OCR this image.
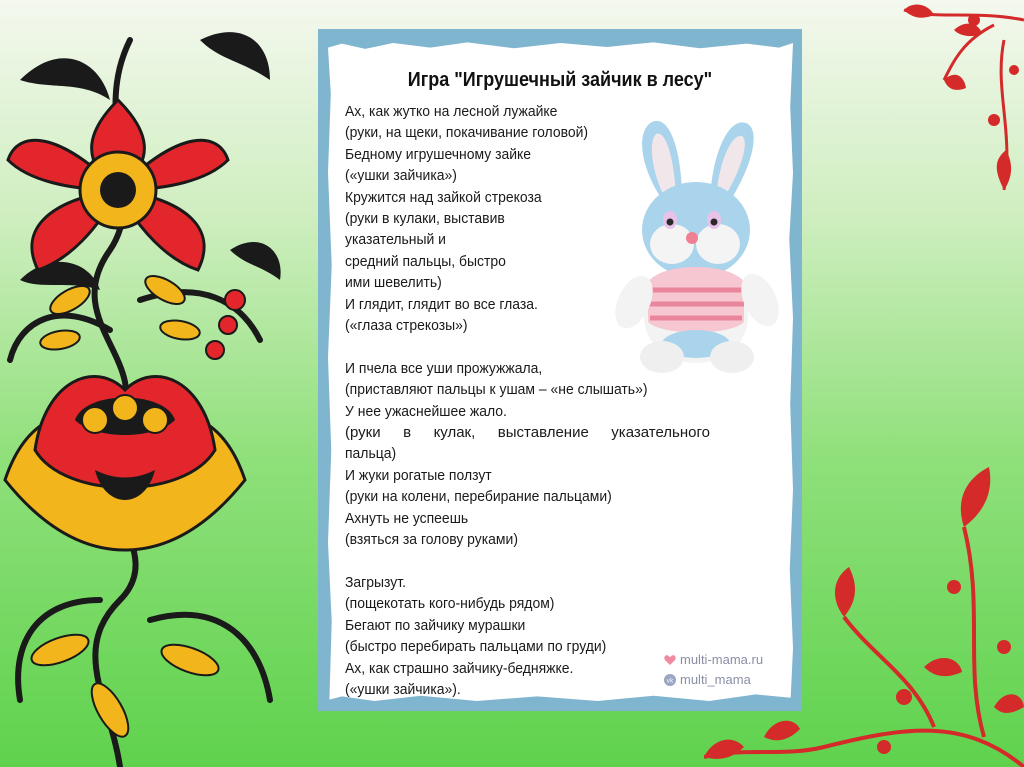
Игра "Игрушечный зайчик в лесу"
Ах, как жутко на лесной лужайке
(руки, на щеки, покачивание головой)
Бедному игрушечному зайке
(«ушки зайчика»)
Кружится над зайкой стрекоза
(руки в кулаки, выставив
указательный и
средний пальцы, быстро
ими шевелить)
И глядит, глядит во все глаза.
(«глаза стрекозы»)
И пчела все уши прожужжала,
(приставляют пальцы к ушам – «не слышать»)
У нее ужаснейшее жало.
(руки в кулак, выставление указательного
пальца)
И жуки рогатые ползут
(руки на колени, перебирание пальцами)
Ахнуть не успеешь
(взяться за голову руками)
Загрызут.
(пощекотать кого-нибудь рядом)
Бегают по зайчику мурашки
(быстро перебирать пальцами по груди)
Ах, как страшно зайчику-бедняжке.
(«ушки зайчика»).
multi-mama.ru
vk multi_mama
